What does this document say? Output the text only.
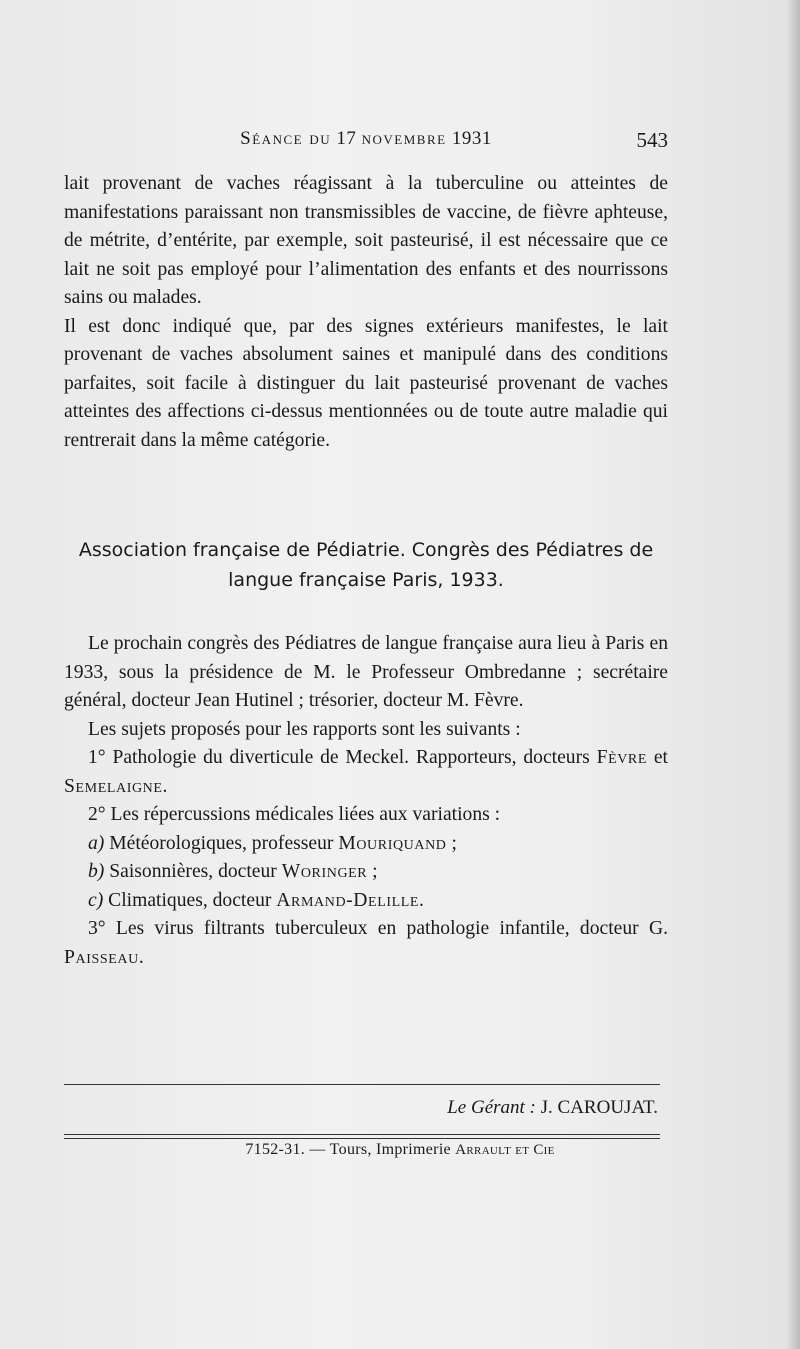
Séance du 17 novembre 1931	543

lait provenant de vaches réagissant à la tuberculine ou atteintes de manifestations paraissant non transmissibles de vaccine, de fièvre aphteuse, de métrite, d’entérite, par exemple, soit pasteurisé, il est nécessaire que ce lait ne soit pas employé pour l’alimentation des enfants et des nourrissons sains ou malades.

Il est donc indiqué que, par des signes extérieurs manifestes, le lait provenant de vaches absolument saines et manipulé dans des conditions parfaites, soit facile à distinguer du lait pasteurisé provenant de vaches atteintes des affections ci-dessus mentionnées ou de toute autre maladie qui rentrerait dans la même catégorie.

Association française de Pédiatrie. Congrès des Pédiatres de
langue française Paris, 1933.

Le prochain congrès des Pédiatres de langue française aura lieu à Paris en 1933, sous la présidence de M. le Professeur Ombredanne ; secrétaire général, docteur Jean Hutinel ; trésorier, docteur M. Fèvre.

Les sujets proposés pour les rapports sont les suivants :

1° Pathologie du diverticule de Meckel. Rapporteurs, docteurs Fèvre et Semelaigne.

2° Les répercussions médicales liées aux variations :

a) Météorologiques, professeur Mouriquand ;

b) Saisonnières, docteur Woringer ;

c) Climatiques, docteur Armand-Delille.

3° Les virus filtrants tuberculeux en pathologie infantile, docteur G. Paisseau.

Le Gérant : J. CAROUJAT.
7152-31. — Tours, Imprimerie Arrault et Cie
